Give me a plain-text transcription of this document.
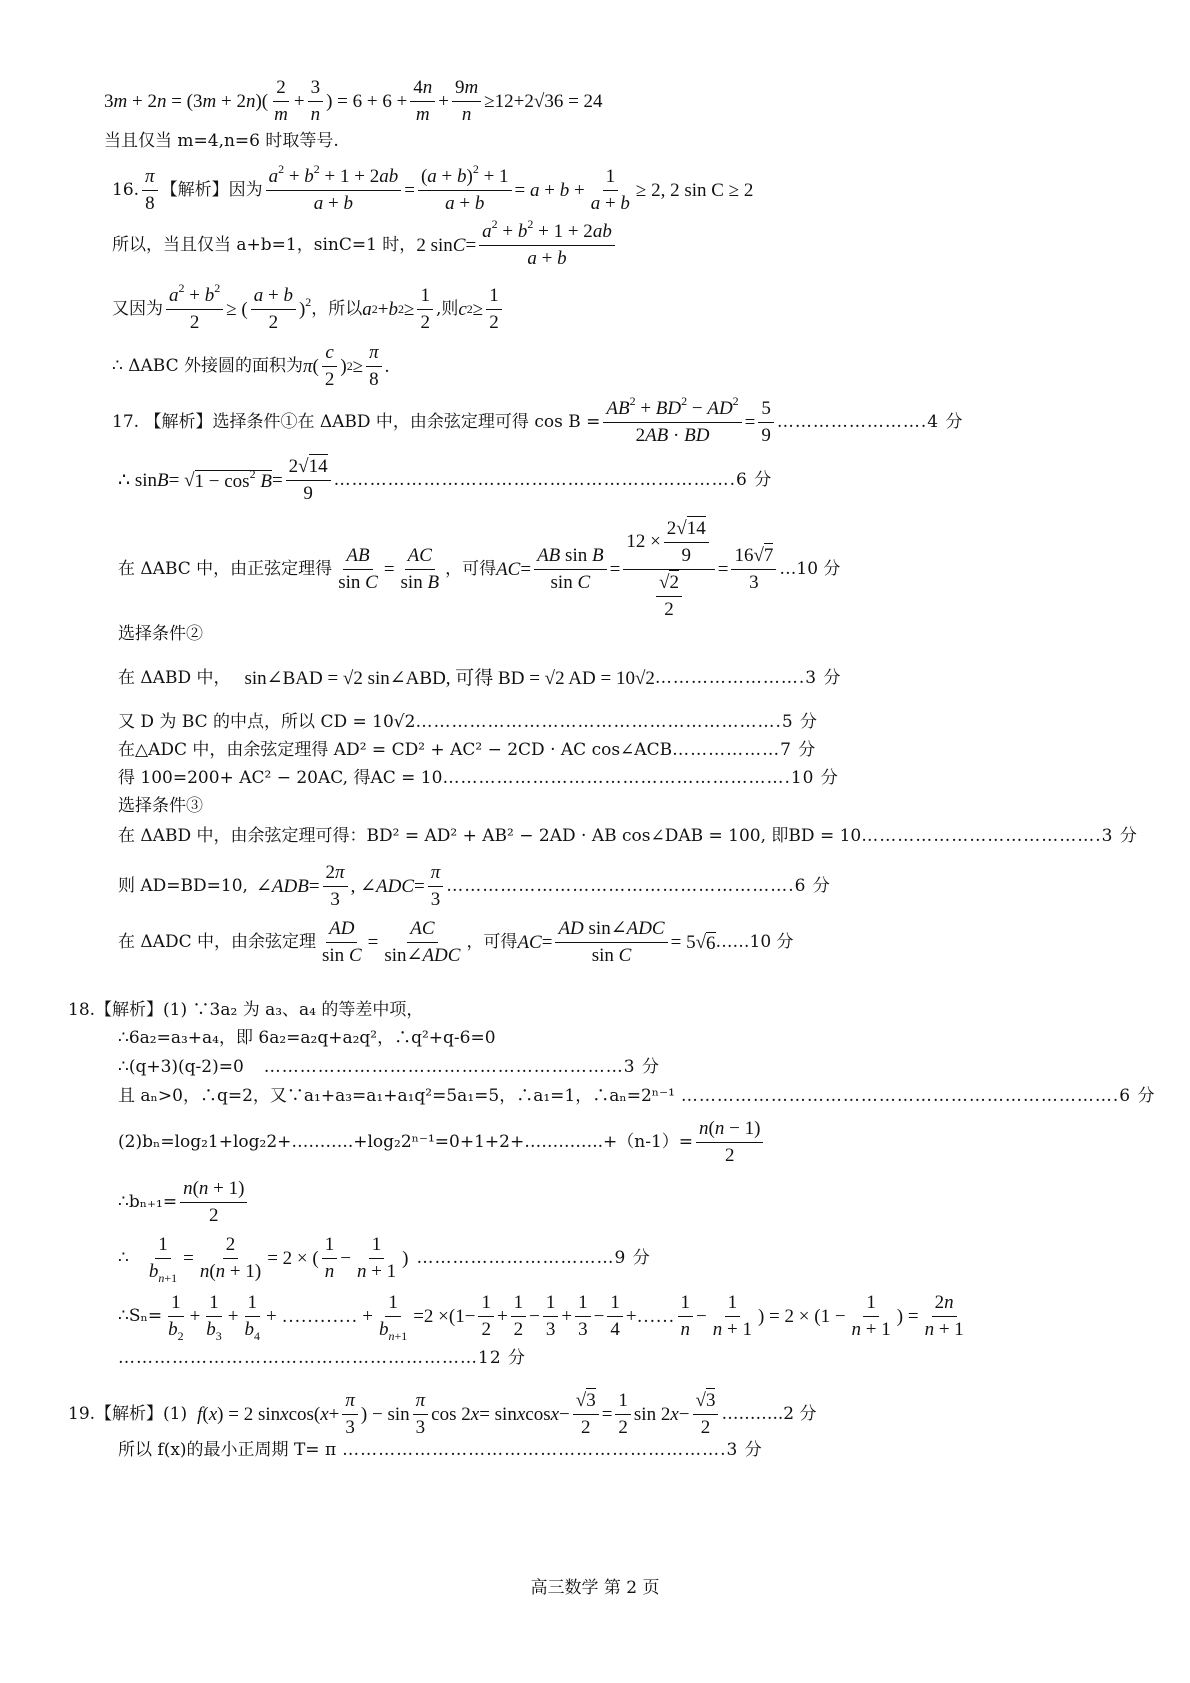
3m + 2n = (3m + 2n)(
2
m
+ $\frac{3}{n}$ ) = $6 + 6 + \frac{4n}{m} + \frac{9m}{n} \ge 12+2√36 = 24$
当且仅当 m=4,n=6 时取等号.
16.
π
8
【解析】因为 $\frac{a^2 + b^2 + 1 + 2ab}{a + b} = \frac{(a + b)^2 + 1}{a + b} = a + b + \frac{1}{a + b} \ge 2$, 2 sin C ≥ 2
所以，当且仅当 a+b=1，sinC=1 时， 2 sin C =
$a^2 + b^2 + 1 + 2ab$
a + b
又因为 $\frac{a^2 + b^2}{2}$ ≥ (
a + b
2
)$^2$ ，所以 a 2 + b 2 ≥
1
2
,则 c 2 ≥
1
2
∴ ΔABC 外接圆的面积为 π (
c
2
) 2 ≥
π
8
.
17. 【解析】选择条件①在 ΔABD 中，由余弦定理可得 $\cos B = \frac{AB^2 + BD^2 - AD^2}{2AB \cdot BD} = \frac{5}{9}$ …………………….4 分
∴ sin B = √ $1 - \cos^2 B$ =
2√14
9
………………………………………………………….6 分
在 ΔABC 中，由正弦定理得 $\frac{AB}{\text{sin C}} = \frac{AC}{\text{sin B}}$ ，可得 AC = $\frac{\text{AB sin B}}{\text{sin C}} = 12$ ×
2√14
9
$\frac{√2}{2} = \frac{16√7}{3}$ …10 分
选择条件②
在 ΔABD 中， sin∠BAD = √2 sin∠ABD, 可得 BD = √2 AD = 10√2 …………………….3 分
又 D 为 BC 的中点，所以 CD = 10√2 …………………………………………………….5 分
在△ADC 中，由余弦定理得 AD² = CD² + AC² − 2CD · AC cos∠ACB ………………7 分
得 100=200+ AC² − 20AC, 得AC = 10 ………………………………………………….10 分
选择条件③
在 ΔABD 中，由余弦定理可得：BD² = AD² + AB² − 2AD · AB cos∠DAB = 100, 即BD = 10 ………………………………….3 分
则 AD=BD=10, ∠ ADB =
2π
3
, ∠ ADC =
π
3
………………………………………………….6 分
在 ΔADC 中，由余弦定理 $\frac{AD}{\text{sin C}}$ =
AC
sin∠ADC
，可得 AC =
AD sin∠ADC
sin C
= 5√ 6 ……10 分
18.【解析】(1) ∵3a₂ 为 a₃、a₄ 的等差中项，
∴6a₂=a₃+a₄，即 6a₂=a₂q+a₂q²，∴q²+q-6=0
∴(q+3)(q-2)=0 ……………………………………………………3 分
且 aₙ>0，∴q=2，又∵a₁+a₃=a₁+a₁q²=5a₁=5，∴a₁=1，∴aₙ=2ⁿ⁻¹ ……………………………………………………………….6 分
(2)bₙ=log₂1+log₂2+………..+log₂2ⁿ⁻¹=0+1+2+…………..+（n-1）= $\frac{n(n - 1)}{2}$
∴bₙ₊₁= $\frac{n(n + 1)}{2}$
∴ $\frac{1}{b_{n+1}} = \frac{2}{n(n + 1)} = 2$ × (
1
n
− $\frac{1}{n + 1}$ ) ……………………………9 分
∴Sₙ=
1
$b_2$
+
1
$b_3$
+
1
$b_4$
+ ………… +
1
$b_{n+1}$
=2 ×(1−
1
2
+
1
2
−
1
3
+
1
3
−
1
4
+……
1
n
−
1
n + 1
) = 2 × (1 −
1
n + 1
) =
2n
n + 1
……………………………………………………12 分
19.【解析】(1) f ( x ) = 2 sin x cos( x +
π
3
) − sin
π
3
cos 2 x = sin x cos x −
√3
2
=
1
2
sin 2 x −
√3
2
………..2 分
所以 f(x)的最小正周期 T= π ……………………………………………………….3 分
高三数学 第 2 页
